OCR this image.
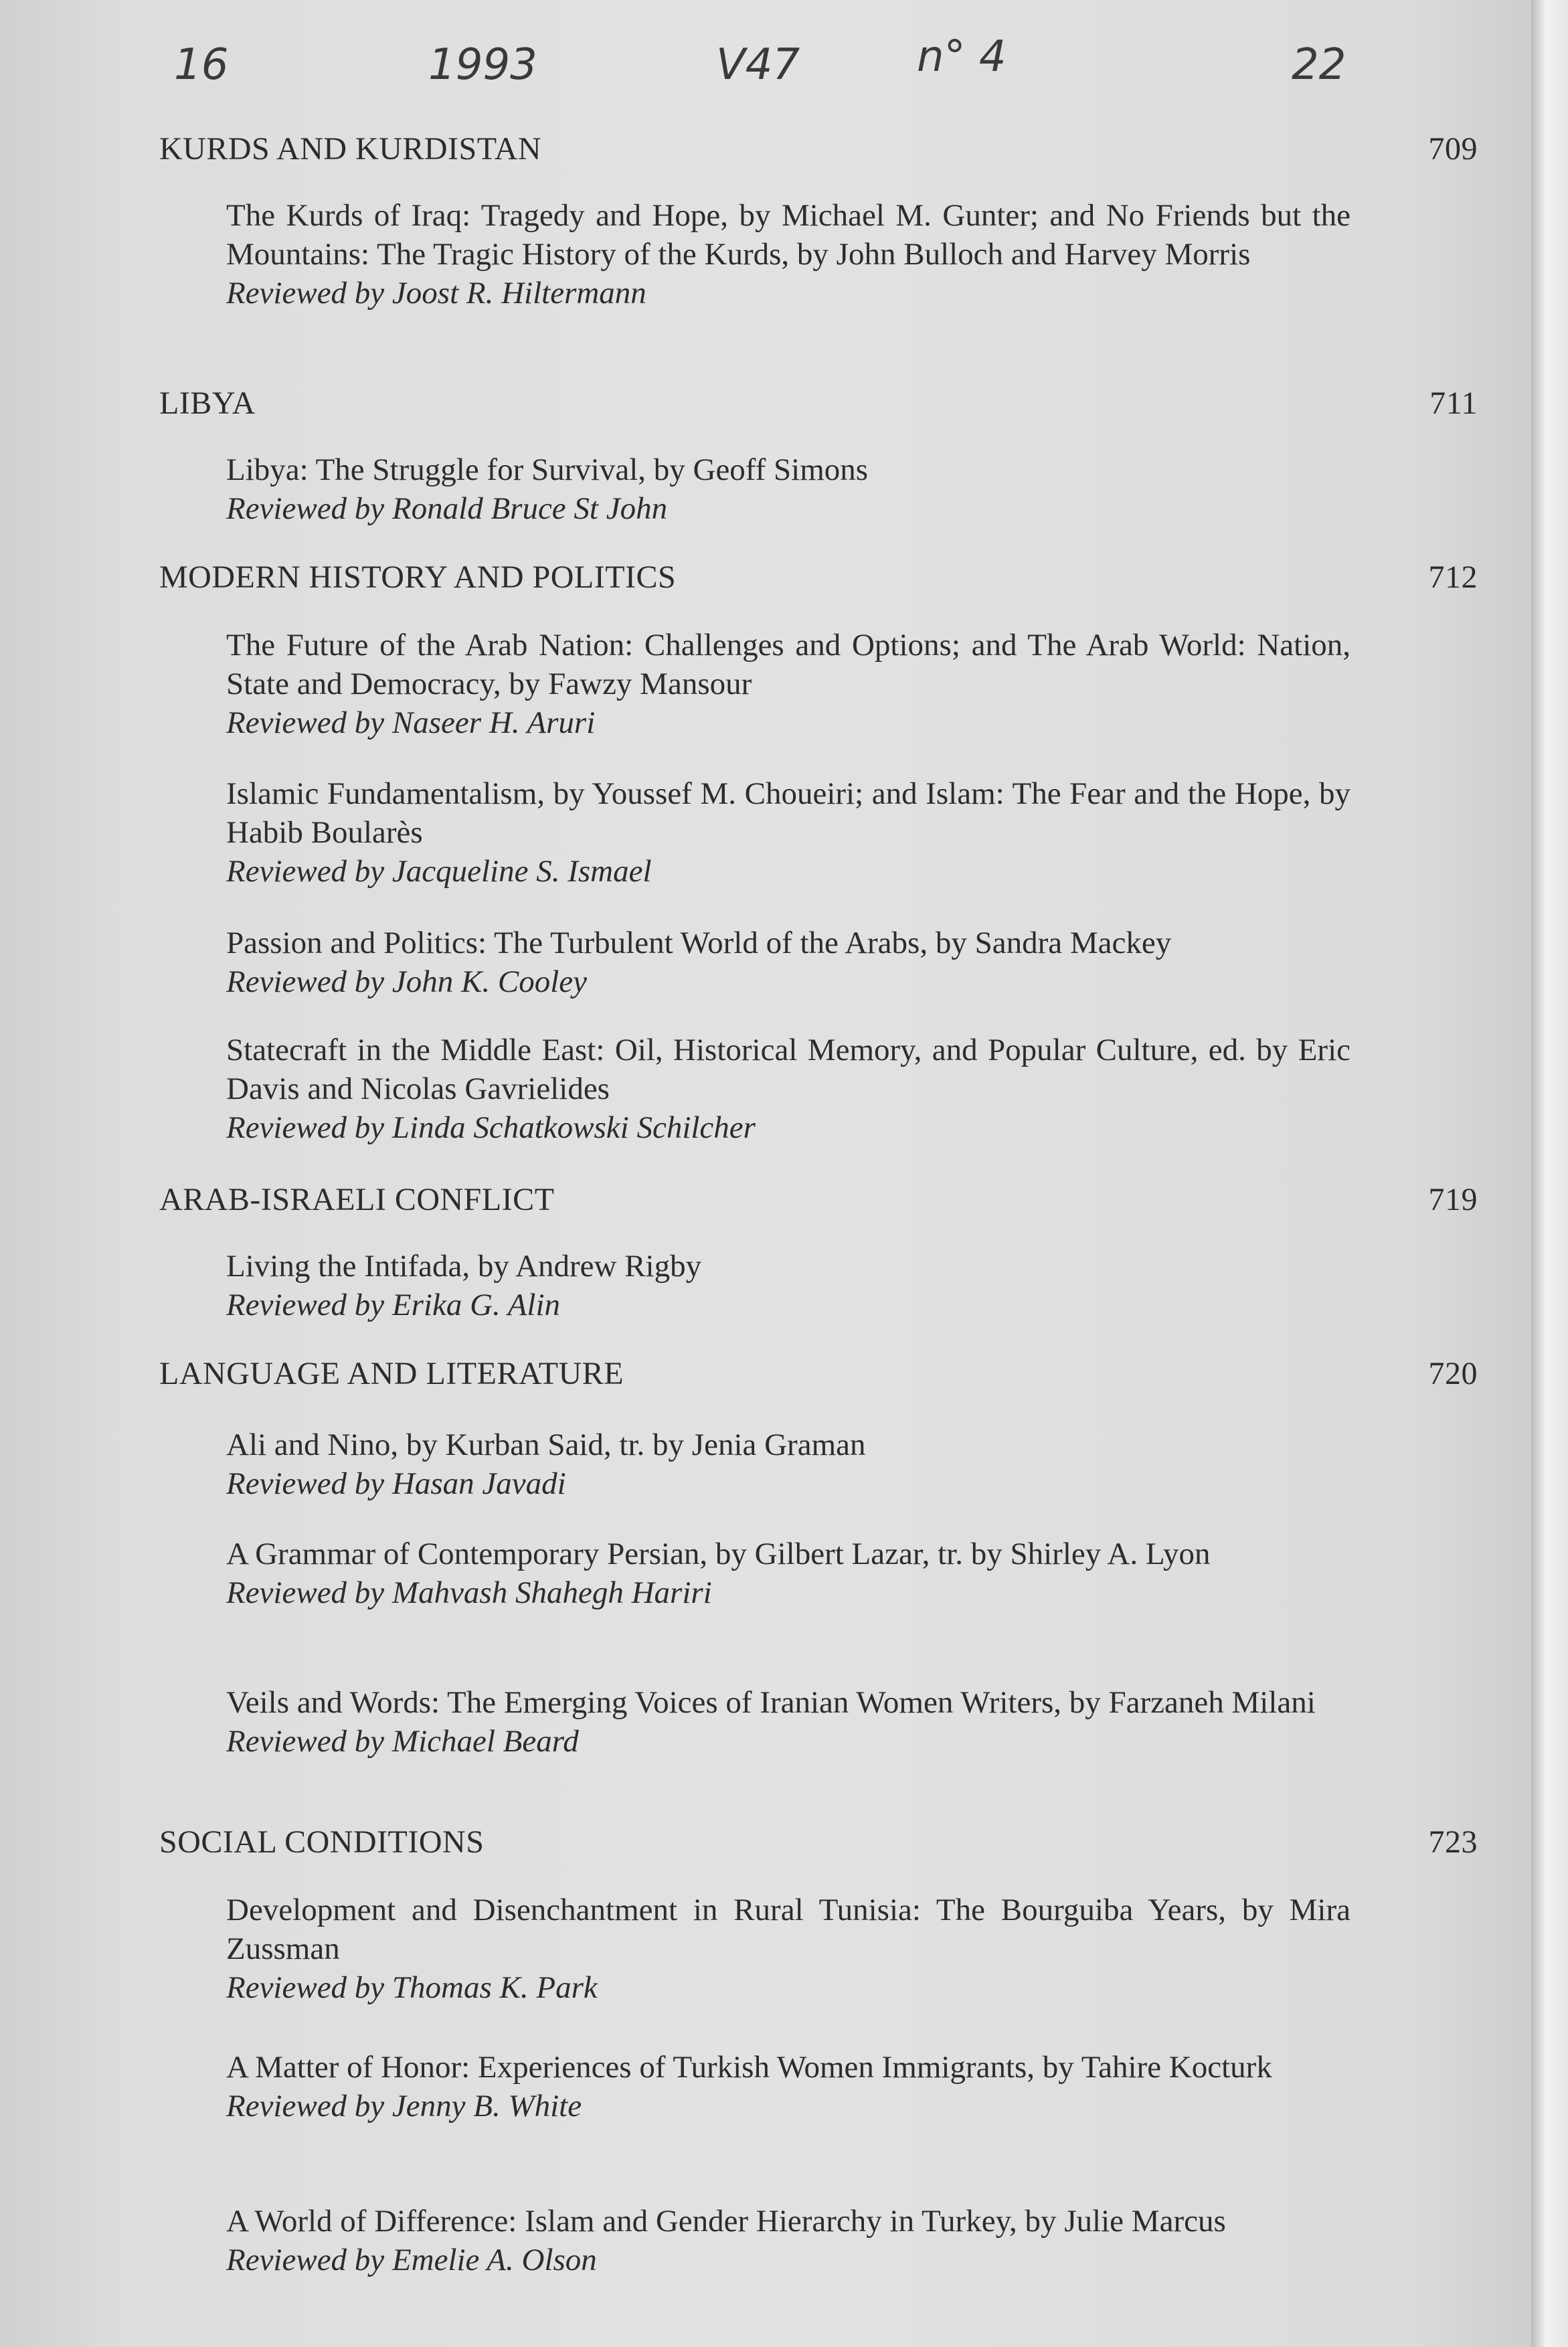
16	1993	V47	n° 4	22
KURDS AND KURDISTAN	709
The Kurds of Iraq: Tragedy and Hope, by Michael M. Gunter; and No Friends but the Mountains: The Tragic History of the Kurds, by John Bulloch and Harvey Morris
Reviewed by Joost R. Hiltermann
LIBYA	711
Libya: The Struggle for Survival, by Geoff Simons
Reviewed by Ronald Bruce St John
MODERN HISTORY AND POLITICS	712
The Future of the Arab Nation: Challenges and Options; and The Arab World: Nation, State and Democracy, by Fawzy Mansour
Reviewed by Naseer H. Aruri
Islamic Fundamentalism, by Youssef M. Choueiri; and Islam: The Fear and the Hope, by Habib Boularès
Reviewed by Jacqueline S. Ismael
Passion and Politics: The Turbulent World of the Arabs, by Sandra Mackey
Reviewed by John K. Cooley
Statecraft in the Middle East: Oil, Historical Memory, and Popular Culture, ed. by Eric Davis and Nicolas Gavrielides
Reviewed by Linda Schatkowski Schilcher
ARAB-ISRAELI CONFLICT	719
Living the Intifada, by Andrew Rigby
Reviewed by Erika G. Alin
LANGUAGE AND LITERATURE	720
Ali and Nino, by Kurban Said, tr. by Jenia Graman
Reviewed by Hasan Javadi
A Grammar of Contemporary Persian, by Gilbert Lazar, tr. by Shirley A. Lyon
Reviewed by Mahvash Shahegh Hariri
Veils and Words: The Emerging Voices of Iranian Women Writers, by Farzaneh Milani
Reviewed by Michael Beard
SOCIAL CONDITIONS	723
Development and Disenchantment in Rural Tunisia: The Bourguiba Years, by Mira Zussman
Reviewed by Thomas K. Park
A Matter of Honor: Experiences of Turkish Women Immigrants, by Tahire Kocturk
Reviewed by Jenny B. White
A World of Difference: Islam and Gender Hierarchy in Turkey, by Julie Marcus
Reviewed by Emelie A. Olson
